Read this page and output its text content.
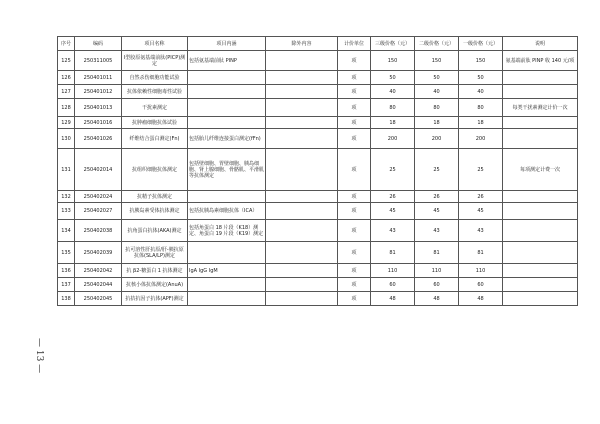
序号	编码	项目名称	项目内涵	除外内容	计价单位	三级价格（元）	二级价格（元）	一级价格（元）	说明
125	250311005	I型胶原氨基端前肽(PICP)测定	包括氨基端前肽 PINP		项	150	150	150	氨基端前肽 PINP 收 140 元/项
126	250401011	自然杀伤细胞功能试验			项	50	50	50	
127	250401012	抗体依赖性细胞毒性试验			项	40	40	40	
128	250401013	干扰素测定			项	80	80	80	每类干扰素测定计价一次
129	250401016	抗肿瘤细胞抗体试验			项	18	18	18	
130	250401026	纤维结合蛋白测定(Fn)	包括胎儿纤维连接蛋白测定(fFn)		项	200	200	200	
131	250402014	抗组织细胞抗体测定	包括壁细胞、胃壁细胞、胰岛细胞、肾上腺细胞、骨骼肌、平滑肌等抗体测定		项	25	25	25	每项测定计费一次
132	250402024	抗精子抗体测定			项	26	26	26	
133	250402027	抗胰岛素受体抗体测定	包括抗胰岛素细胞抗体（ICA）		项	45	45	45	
134	250402038	抗角蛋白抗体(AKA)测定	包括角蛋白 18 片段（K18）测定、角蛋白 19 片段（K19）测定		项	43	43	43	
135	250402039	抗可溶性肝抗原/肝-胰抗原抗体(SLA/LP)测定			项	81	81	81	
136	250402042	抗 β2-糖蛋白 1 抗体测定	IgA IgG IgM		项	110	110	110	
137	250402044	抗核小体抗体测定(AnuA)			项	60	60	60	
138	250402045	抗拮抗因子抗体(APF)测定			项	48	48	48	
— 13 —
